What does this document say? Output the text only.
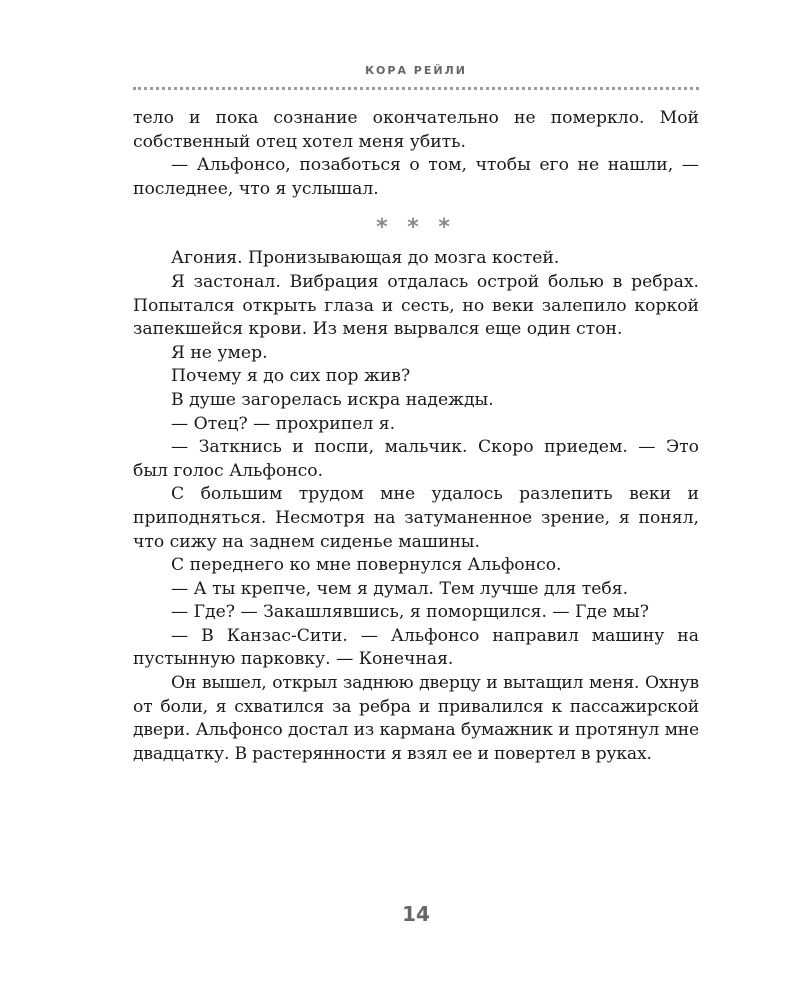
КОРА РЕЙЛИ

тело и пока сознание окончательно не померкло. Мой собственный отец хотел меня убить.

— Альфонсо, позаботься о том, чтобы его не нашли, — последнее, что я услышал.

* * *

Агония. Пронизывающая до мозга костей.

Я застонал. Вибрация отдалась острой болью в ребрах. Попытался открыть глаза и сесть, но веки залепило коркой запекшейся крови. Из меня вырвался еще один стон.

Я не умер.

Почему я до сих пор жив?

В душе загорелась искра надежды.

— Отец? — прохрипел я.

— Заткнись и поспи, мальчик. Скоро приедем. — Это был голос Альфонсо.

С большим трудом мне удалось разлепить веки и приподняться. Несмотря на затуманенное зрение, я понял, что сижу на заднем сиденье машины.

С переднего ко мне повернулся Альфонсо.

— А ты крепче, чем я думал. Тем лучше для тебя.

— Где? — Закашлявшись, я поморщился. — Где мы?

— В Канзас-Сити. — Альфонсо направил машину на пустынную парковку. — Конечная.

Он вышел, открыл заднюю дверцу и вытащил меня. Охнув от боли, я схватился за ребра и привалился к пассажирской двери. Альфонсо достал из кармана бумажник и протянул мне двадцатку. В растерянности я взял ее и повертел в руках.

14
